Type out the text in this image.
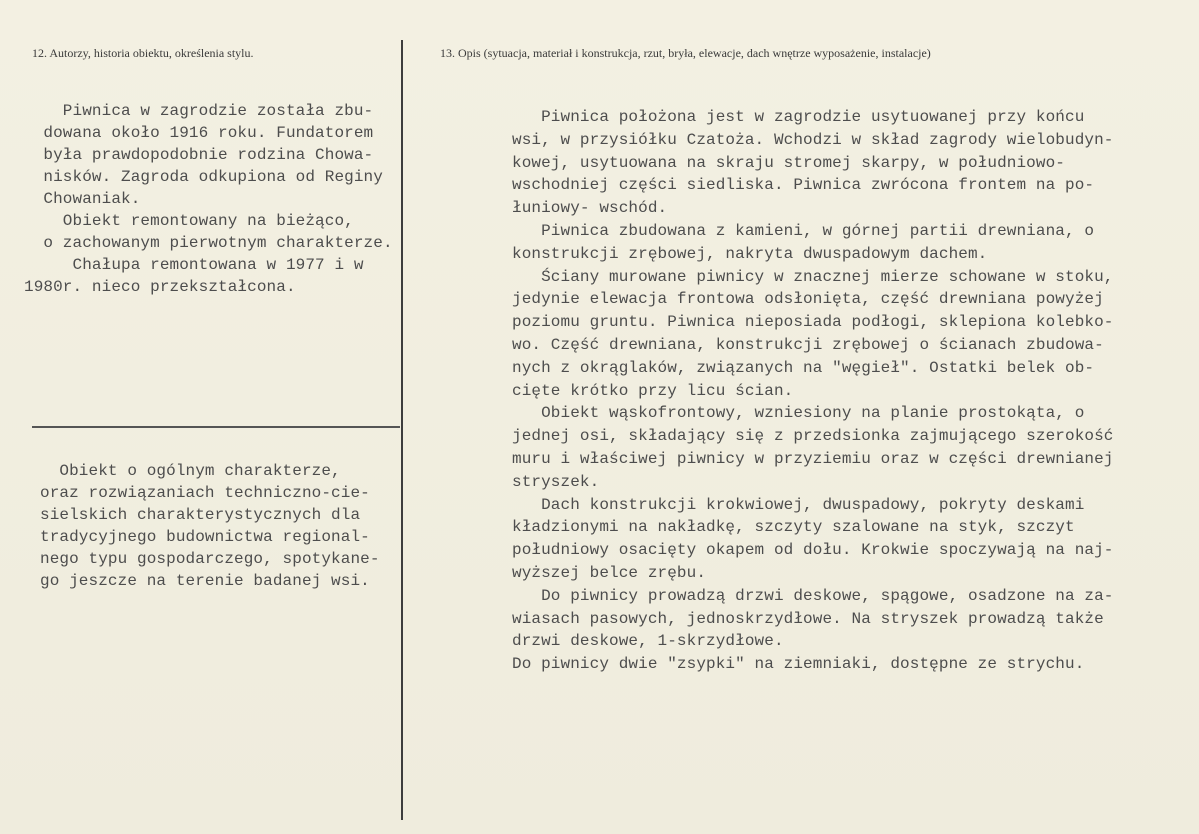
12. Autorzy, historia obiektu, określenia stylu.	13. Opis (sytuacja, materiał i konstrukcja, rzut, bryła, elewacje, dach wnętrze wyposażenie, instalacje)
Piwnica w zagrodzie została zbu-
dowana około 1916 roku. Fundatorem
była prawdopodobnie rodzina Chowa-
nisków. Zagroda odkupiona od Reginy
Chowaniak.
Obiekt remontowany na bieżąco,
o zachowanym pierwotnym charakterze.
Chałupa remontowana w 1977 i w
1980r. nieco przekształcona.
Obiekt o ogólnym charakterze,
oraz rozwiązaniach techniczno-cie-
sielskich charakterystycznych dla
tradycyjnego budownictwa regional-
nego typu gospodarczego, spotykane-
go jeszcze na terenie badanej wsi.
Piwnica położona jest w zagrodzie usytuowanej przy końcu
wsi, w przysiółku Czatoża. Wchodzi w skład zagrody wielobudyn-
kowej, usytuowana na skraju stromej skarpy, w południowo-
wschodniej części siedliska. Piwnica zwrócona frontem na po-
łuniowy- wschód.
Piwnica zbudowana z kamieni, w górnej partii drewniana, o
konstrukcji zrębowej, nakryta dwuspadowym dachem.
Ściany murowane piwnicy w znacznej mierze schowane w stoku,
jedynie elewacja frontowa odsłonięta, część drewniana powyżej
poziomu gruntu. Piwnica nieposiada podłogi, sklepiona kolebko-
wo. Część drewniana, konstrukcji zrębowej o ścianach zbudowa-
nych z okrąglaków, związanych na "węgieł". Ostatki belek ob-
cięte krótko przy licu ścian.
Obiekt wąskofrontowy, wzniesiony na planie prostokąta, o
jednej osi, składający się z przedsionka zajmującego szerokość
muru i właściwej piwnicy w przyziemiu oraz w części drewnianej
stryszek.
Dach konstrukcji krokwiowej, dwuspadowy, pokryty deskami
kładzionymi na nakładkę, szczyty szalowane na styk, szczyt
południowy osacięty okapem od dołu. Krokwie spoczywają na naj-
wyższej belce zrębu.
Do piwnicy prowadzą drzwi deskowe, spągowe, osadzone na za-
wiasach pasowych, jednoskrzydłowe. Na stryszek prowadzą także
drzwi deskowe, 1-skrzydłowe.
Do piwnicy dwie "zsypki" na ziemniaki, dostępne ze strychu.
